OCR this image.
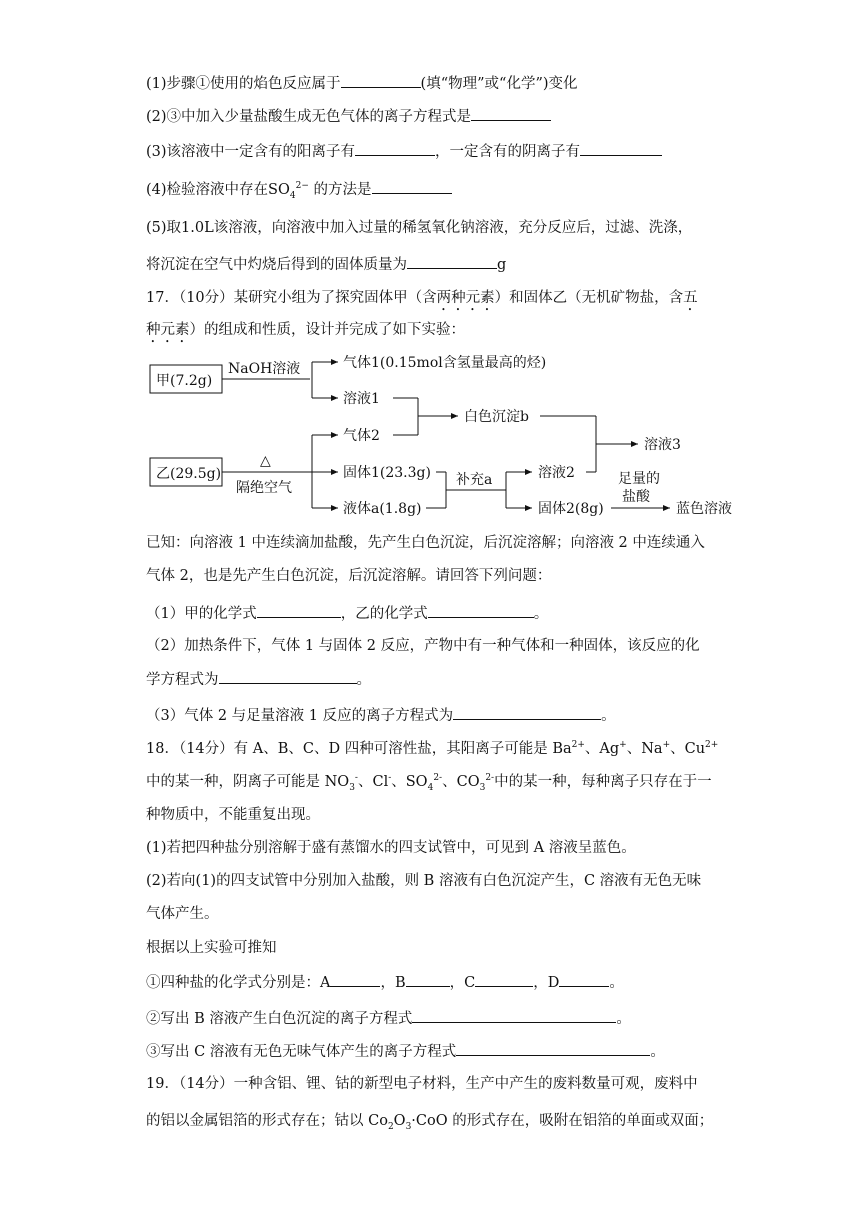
(1)步骤①使用的焰色反应属于	(填“物理”或“化学”)变化
(2)③中加入少量盐酸生成无色气体的离子方程式是
(3)该溶液中一定含有的阳离子有	，一定含有的阴离子有
(4)检验溶液中存在$SO_4^{2-}$ 的方法是
(5)取1.0L该溶液，向溶液中加入过量的稀氢氧化钠溶液，充分反应后，过滤、洗涤，
将沉淀在空气中灼烧后得到的固体质量为	g
17．（10分）某研究小组为了探究固体甲（含两种元素）和固体乙（无机矿物盐，含五
种元素）的组成和性质，设计并完成了如下实验：
甲(7.2g)
NaOH溶液	气体1(0.15mol含氢量最高的烃)
溶液1
白色沉淀b
溶液3
乙(29.5g)
△
隔绝空气
气体2
固体1(23.3g)
液体a(1.8g)
补充a	溶液2
固体2(8g)
足量的
盐酸
蓝色溶液
已知：向溶液 1 中连续滴加盐酸，先产生白色沉淀，后沉淀溶解；向溶液 2 中连续通入
气体 2，也是先产生白色沉淀，后沉淀溶解。请回答下列问题：
（1）甲的化学式	，乙的化学式	。
（2）加热条件下，气体 1 与固体 2 反应，产物中有一种气体和一种固体，该反应的化
学方程式为	。
（3）气体 2 与足量溶液 1 反应的离子方程式为	。
18．（14分）有 A、B、C、D 四种可溶性盐，其阳离子可能是 $Ba^{2+}$、Ag+、Na+、$Cu^{2+}$
中的某一种，阴离子可能是 $NO_3^-$、Cl-、$SO_4^{2-}$、$CO_3^{2-}$中的某一种，每种离子只存在于一
种物质中，不能重复出现。
(1)若把四种盐分别溶解于盛有蒸馏水的四支试管中，可见到 A 溶液呈蓝色。
(2)若向(1)的四支试管中分别加入盐酸，则 B 溶液有白色沉淀产生，C 溶液有无色无味
气体产生。
根据以上实验可推知
①四种盐的化学式分别是：A	，B	，C	，D	。
②写出 B 溶液产生白色沉淀的离子方程式	。
③写出 C 溶液有无色无味气体产生的离子方程式	。
19．（14分）一种含铝、锂、钴的新型电子材料，生产中产生的废料数量可观，废料中
的铝以金属铝箔的形式存在；钴以 $Co_2O_3\cdot CoO$ 的形式存在，吸附在铝箔的单面或双面；
